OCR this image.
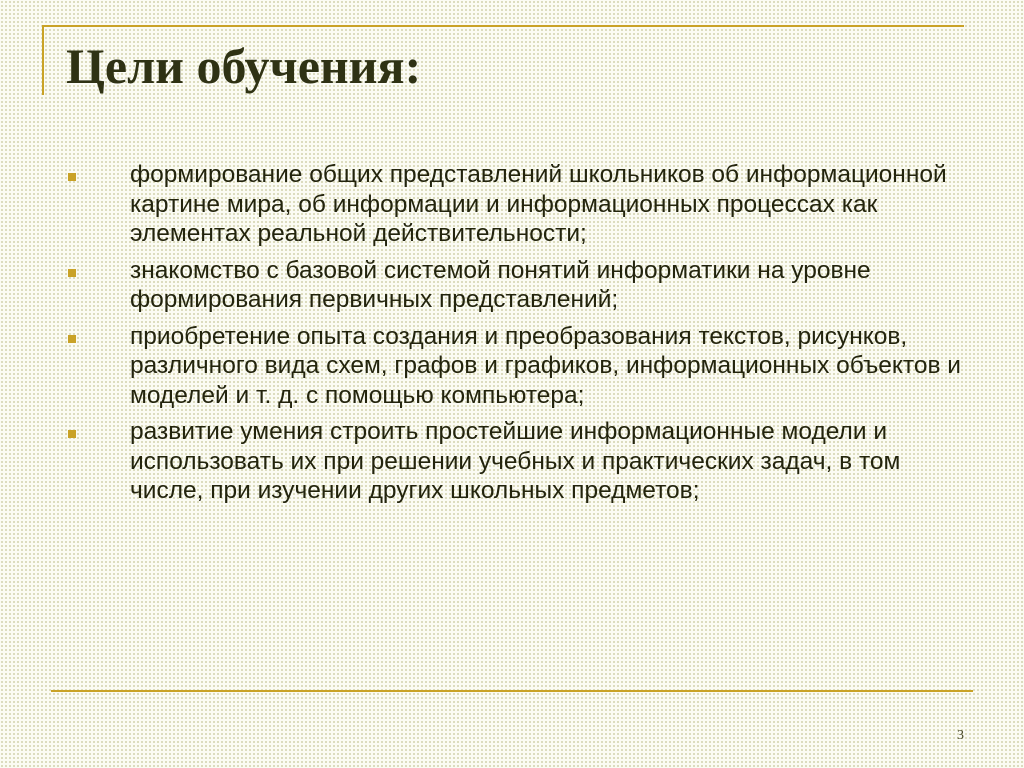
Цели обучения:
формирование общих представлений школьников об информационной картине мира, об информации и информационных процессах как элементах реальной действительности;
знакомство с базовой системой понятий информатики на уровне формирования первичных представлений;
приобретение опыта создания и преобразования текстов, рисунков, различного вида схем, графов и графиков, информационных объектов и моделей и т. д. с помощью компьютера;
развитие умения строить простейшие информационные модели и использовать их при решении учебных и практических задач, в том числе, при изучении других школьных предметов;
3
